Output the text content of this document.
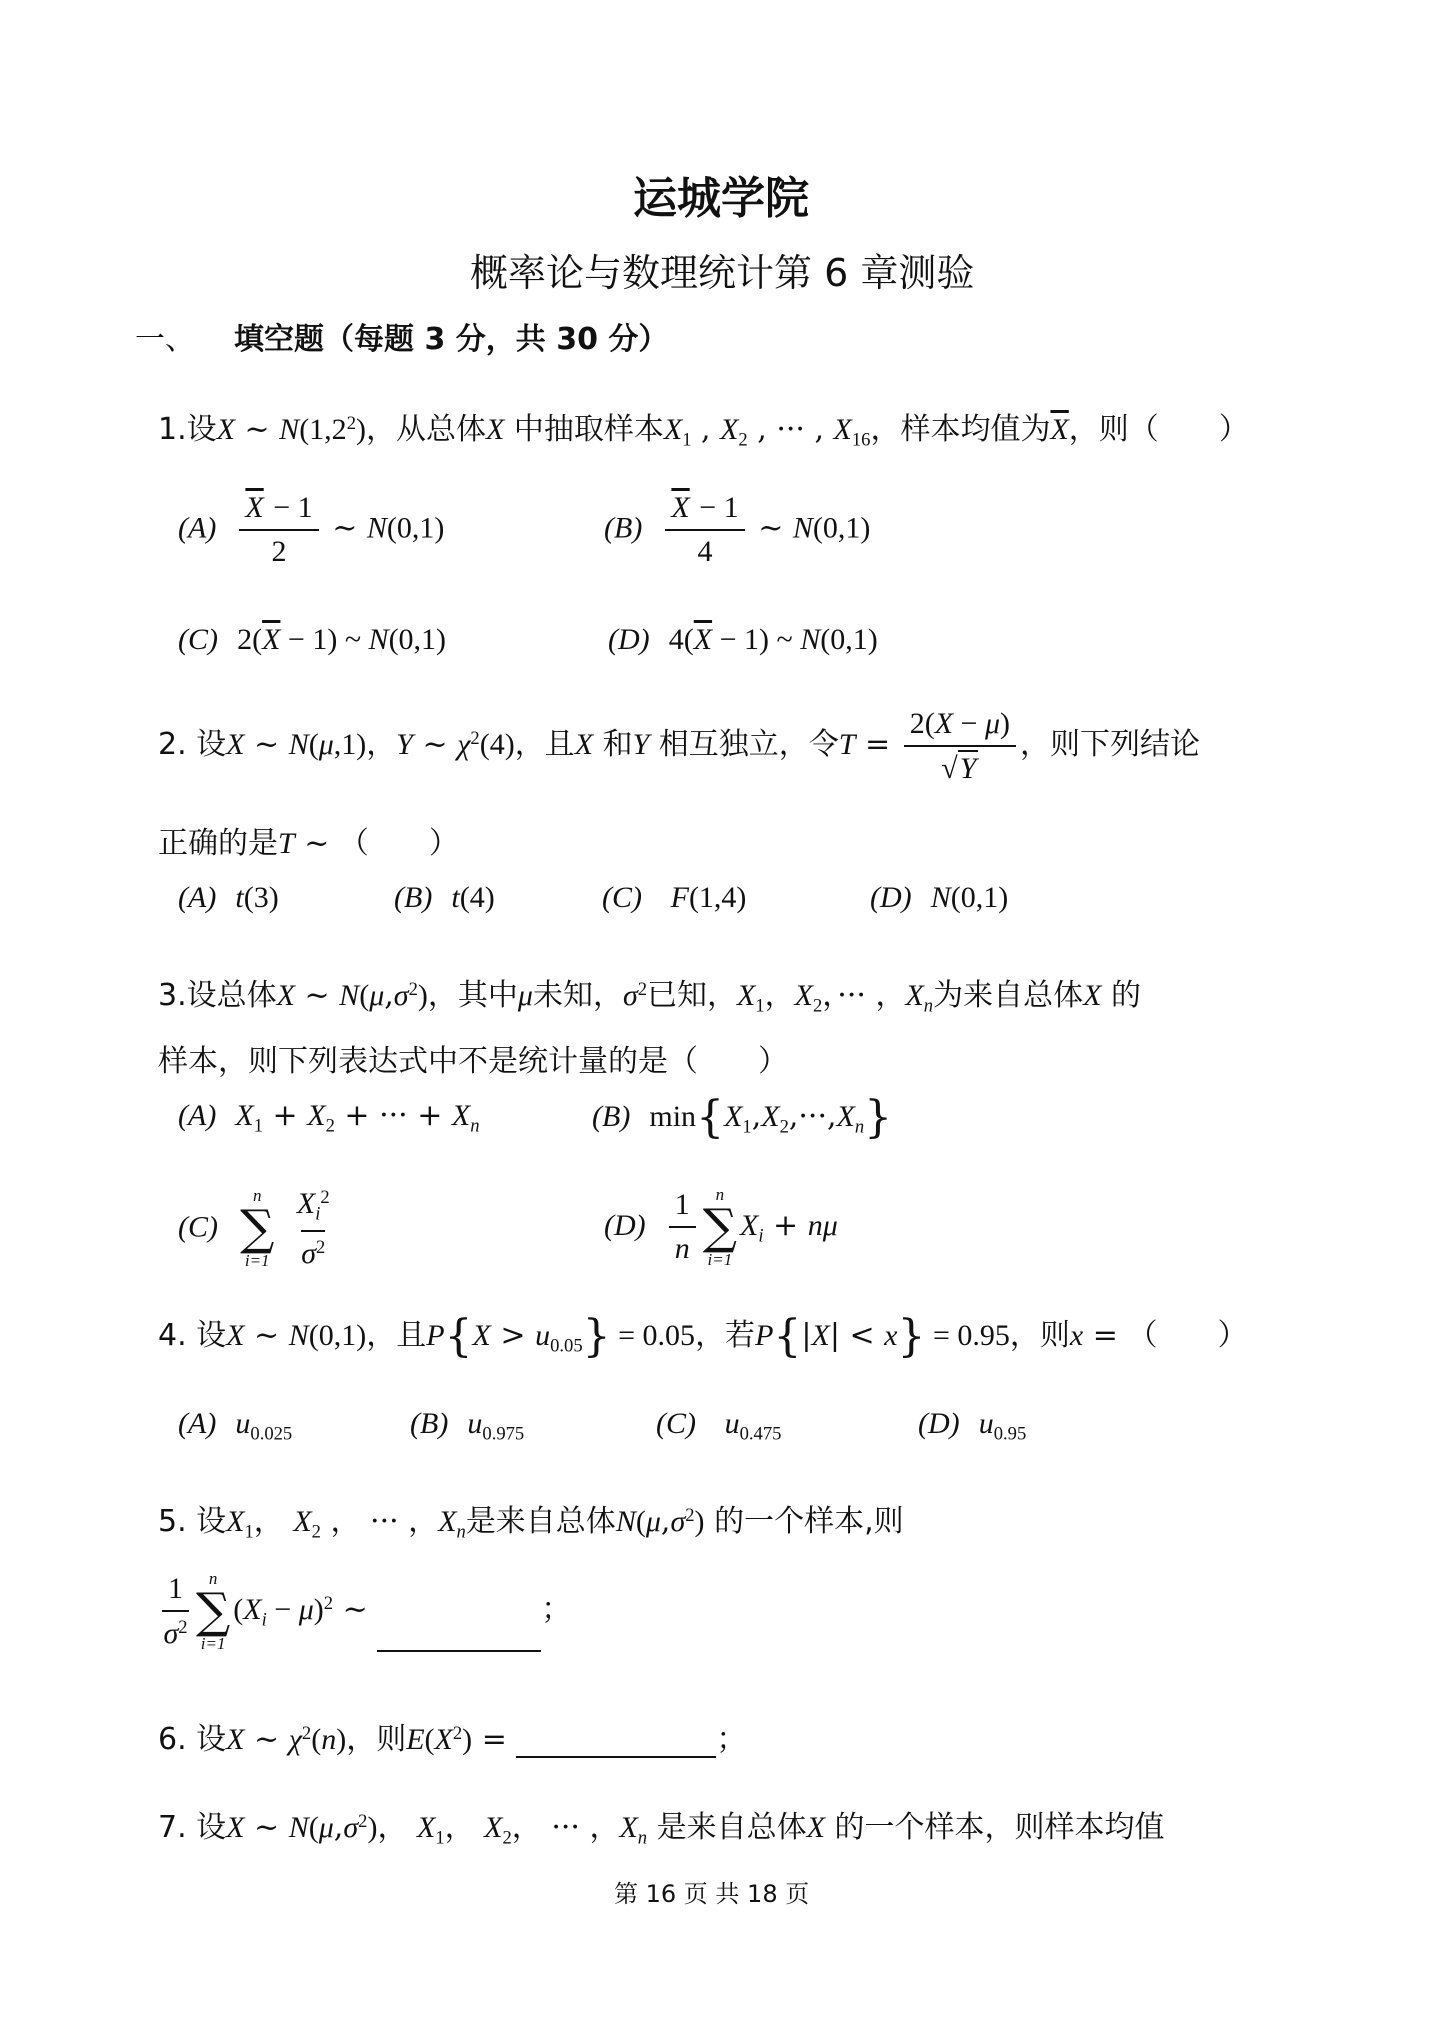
运城学院
概率论与数理统计第 6 章测验
一、 填空题（每题 3 分，共 30 分）
1.设X ~ $N(1,2^2)$，从总体X 中抽取样本$X_1$ , $X_2$ , ··· , $X_{16}$，样本均值为$\overline{X}$，则（　　）
$(A) \frac{\overline{X} - 1}{2}$ ~ N(0,1)	$(B) \frac{\overline{X} - 1}{4}$ ~ N(0,1)
(C) $2(\overline{X} - 1)$ ~ N(0,1)	(D) $4(\overline{X} - 1)$ ~ N(0,1)
2. 设X ~ N(μ,1)，Y ~ $\chi^2(4)$，且X 和Y 相互独立，令$T = \frac{2(X - \mu)}{√Y}$ ，则下列结论
正确的是T ~ （　　）
(A) t(3)	(B) t(4)	(C) F(1,4)	(D) N(0,1)
3.设总体X ~ $N(\mu,\sigma^2)$，其中μ未知，$\sigma^2$已知，$X_1$，$X_2$，··· ，$X_n$为来自总体X 的
样本，则下列表达式中不是统计量的是（　　）
(A) $X_1 + X_2$ + ··· + $X_n$	(B) $\min\{X_1,X_2,\cdot\cdot\cdot,X_n\}$
(C)
n
∑
i=1
$\frac{X_i^2}{\sigma^2}$	$(D) \frac{1}{n}$ n
∑
i=1
$X_i + n\mu$
4. 设X ~ N(0,1)，且$P\{X > u_{0.05}\} = 0.05$，若P{|X| < x} = 0.95，则x = （　　）
(A) $u_{0.025}$	(B) $u_{0.975}$	(C) $u_{0.475}$	(D) $u_{0.95}$
5. 设$X_1$， $X_2$ ， ··· ，$X_n$是来自总体$N(\mu,\sigma^2)$ 的一个样本,则
$\frac{1}{\sigma^2}$ n
∑
i=1
$(X_i - \mu)^2$ ~	；
6. 设X ~ $\chi^2(n)$，则$E(X^2)$ =	；
7. 设X ~ $N(\mu,\sigma^2)$， $X_1$， $X_2$， ··· ，$X_n$ 是来自总体X 的一个样本，则样本均值
第 16 页 共 18 页
